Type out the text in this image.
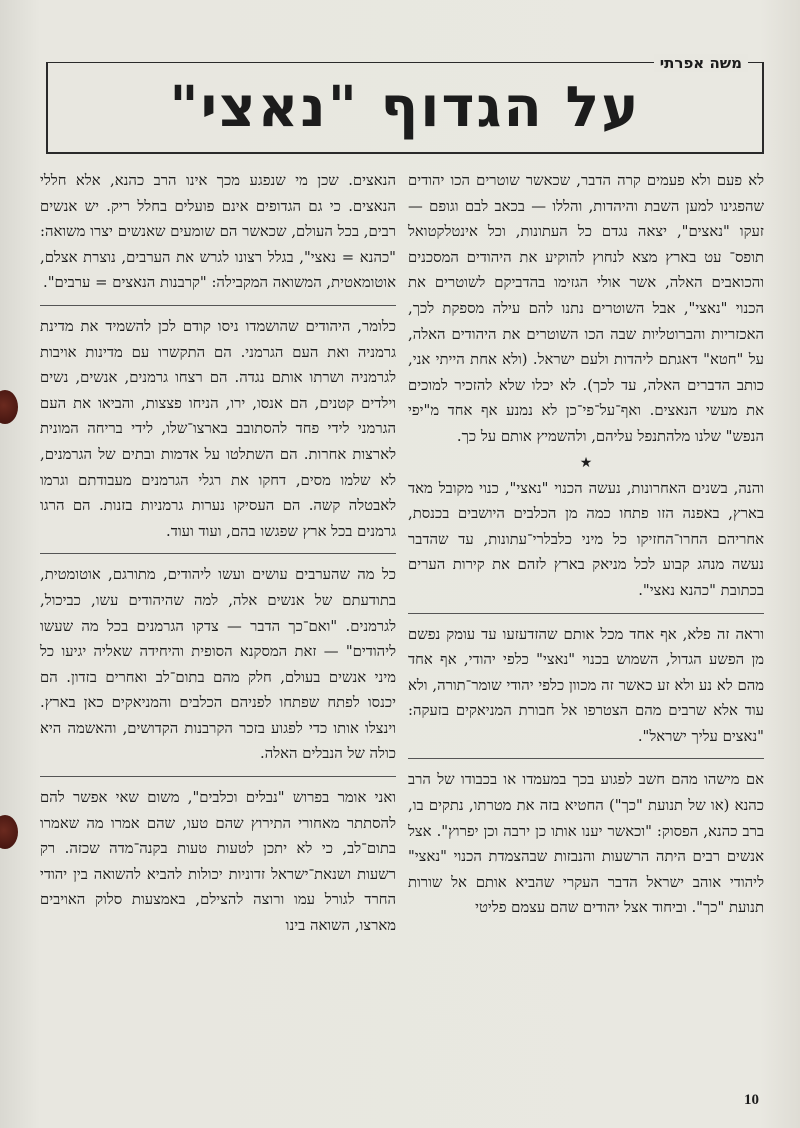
משה אפרתי
על הגדוף "נאצי"

לא פעם ולא פעמים קרה הדבר, שכאשר שוטרים הכו יהודים שהפגינו למען השבת והיהדות, והללו — בכאב לבם וגופם — זעקו "נאצים", יצאה נגדם כל העתונות, וכל אינטלקטואל תופס־ עט בארץ מצא לנחוץ להוקיע את היהודים המסכנים והכואבים האלה, אשר אולי הגזימו בהדביקם לשוטרים את הכנוי "נאצי", אבל השוטרים נתנו להם עילה מספקת לכך, האכזריות והברוטליות שבה הכו השוטרים את היהודים האלה, על "חטא" דאגתם ליהדות ולעם ישראל. (ולא אחת הייתי אני, כותב הדברים האלה, עד לכך). לא יכלו שלא להזכיר למוכים את מעשי הנאצים. ואף־על־פי־כן לא נמנע אף אחד מ"יפי הנפש" שלנו מלהתנפל עליהם, ולהשמיץ אותם על כך.

★

והנה, בשנים האחרונות, נעשה הכנוי "נאצי", כנוי מקובל מאד בארץ, באפנה הזו פתחו כמה מן הכלבים היושבים בכנסת, אחריהם החרו־החזיקו כל מיני כלבלרי־עתונות, עד שהדבר נעשה מנהג קבוע לכל מניאק בארץ לזהם את קירות הערים בכתובת "כהנא נאצי".

וראה זה פלא, אף אחד מכל אותם שהזדעזעו עד עומק נפשם מן הפשע הגדול, השמוש בכנוי "נאצי" כלפי יהודי, אף אחד מהם לא נע ולא זע כאשר זה מכוון כלפי יהודי שומר־תורה, ולא עוד אלא שרבים מהם הצטרפו אל חבורת המניאקים בזעקה: "נאצים עליך ישראל".

אם מישהו מהם חשב לפגוע בכך במעמדו או בכבודו של הרב כהנא (או של תנועת "כך") החטיא בזה את מטרתו, נתקים בו, ברב כהנא, הפסוק: "וכאשר יענו אותו כן ירבה וכן יפרוץ". אצל אנשים רבים היתה הרשעות והנבזות שבהצמדת הכנוי "נאצי" ליהודי אוהב ישראל הדבר העקרי שהביא אותם אל שורות תנועת "כך". וביחוד אצל יהודים שהם עצמם פליטי

הנאצים. שכן מי שנפגע מכך אינו הרב כהנא, אלא חללי הנאצים. כי גם הגדופים אינם פועלים בחלל ריק. יש אנשים רבים, בכל העולם, שכאשר הם שומעים שאנשים יצרו משואה: "כהנא = נאצי", בגלל רצונו לגרש את הערבים, נוצרת אצלם, אוטומאטית, המשואה המקבילה: "קרבנות הנאצים = ערבים".

כלומר, היהודים שהושמדו ניסו קודם לכן להשמיד את מדינת גרמניה ואת העם הגרמני. הם התקשרו עם מדינות אויבות לגרמניה ושרתו אותם נגדה. הם רצחו גרמנים, אנשים, נשים וילדים קטנים, הם אנסו, ירו, הניחו פצצות, והביאו את העם הגרמני לידי פחד להסתובב בארצו־שלו, לידי בריחה המונית לארצות אחרות. הם השתלטו על אדמות ובתים של הגרמנים, לא שלמו מסים, דחקו את רגלי הגרמנים מעבודתם וגרמו לאבטלה קשה. הם העסיקו נערות גרמניות בזנות. הם הרגו גרמנים בכל ארץ שפגשו בהם, ועוד ועוד.

כל מה שהערבים עושים ועשו ליהודים, מתורגם, אוטומטית, בתודעתם של אנשים אלה, למה שהיהודים עשו, כביכול, לגרמנים. "ואם־כך הדבר — צדקו הגרמנים בכל מה שעשו ליהודים" — זאת המסקנא הסופית והיחידה שאליה יגיעו כל מיני אנשים בעולם, חלק מהם בתום־לב ואחרים בזדון. הם יכנסו לפתח שפתחו לפניהם הכלבים והמניאקים כאן בארץ. וינצלו אותו כדי לפגוע בזכר הקרבנות הקדושים, והאשמה היא כולה של הנבלים האלה.

ואני אומר בפרוש "נבלים וכלבים", משום שאי אפשר להם להסתתר מאחורי התירוץ שהם טעו, שהם אמרו מה שאמרו בתום־לב, כי לא יתכן לטעות טעות בקנה־מדה שכזה. רק רשעות ושנאת־ישראל זדוניות יכולות להביא להשואה בין יהודי החרד לגורל עמו ורוצה להצילם, באמצעות סלוק האויבים מארצו, השואה בינו

10
